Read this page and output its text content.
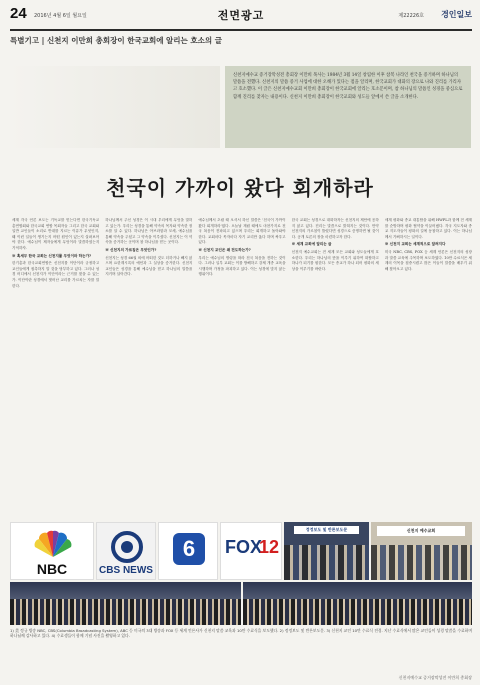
24 2016년 4월 6일 월요일	전면광고	제22226호 경인일보
특별기고 | 신천지 이만희 총회장이 한국교회에 알리는 호소의 글

신천지예수교 증거장막성전 총회장 이만희 목사는 1984년 3월 14일 창립한 이후 참복 나라인 천국을 증거하며 하나님의 말씀을 전했다. 신천지의 말씀 증거 사업에 대한 오해가 있다는 점을 알리며, 한국교회가 대화의 장으로 나와 진리를 가리자고 호소했다. 이 글은 신천지예수교회 이만희 총회장이 한국교회에 알리는 호소문이며, 참 하나님의 말씀인 성경을 중심으로 함께 진리를 찾자는 내용이다. 신천지 이만희 총회장이 한국교회와 성도들 앞에서 쓴 글을 소개한다.

천국이 가까이 왔다 회개하라
세계 각국 언론 보도는 기독교를 믿는다면 한국기독교 총연합회와 한국교회 연합 목회자들 그리고 한국 교회와 일반 교인들이 소리로 반대를 지르는 이유가 무엇인지, 왜 이런 일들이 생기는지 어떤 원인이 있는지 살펴보아야 한다. 예수님이 제자들에게 무엇이라 말씀하셨는지 기억하자.
※ 혹세무 한국 교회는 신천지를 무엇이라 하는가?
한기총과 한국교회연합은 신천지를 이단이라 규정하고 교인들에게 접촉하지 말 것을 당부하고 있다. 그러나 성경 어디에서 신천지가 이단이라는 근거를 찾을 수 있는가. 이단이란 성경에서 벗어난 교리를 가르치는 자를 말한다.
하나님께서 주신 성경은 이 시대 우리에게 무엇을 말하고 있는가. 우리는 성경을 통해 약속의 목자와 약속한 장소를 알 수 있다. 하나님은 아브라함과 모세, 예수님을 통해 약속을 주셨고 그 약속을 이루셨다. 신천지는 이 약속을 증거하는 곳이며 참 하나님을 믿는 곳이다.
※ 신천지의 가르침은 무엇인가?
신천지는 성경 66권 외에 어떠한 것도 더하거나 빼지 않으며 요한계시록의 예언과 그 실상을 증거한다. 신천지 교인들은 성경을 통해 예수님을 믿고 하나님의 말씀을 지키며 살아간다.
예수님께서 초림 때 오셔서 하신 말씀은 '천국이 가까이 왔다 회개하라'였다. 오늘날 재림 때에도 마찬가지로 천국 복음이 전파되고 있으며 우리는 회개하고 돌아와야 한다. 교회마다 목자마다 자기 교리만 옳다 하며 싸우고 있다.
※ 신천지 교인은 왜 전도하는가?
우리는 예수님의 명령을 따라 천국 복음을 전하는 것이다. 그러나 일부 교회는 이를 방해하고 강제 개종 교육을 시행하며 가정을 파괴하고 있다. 이는 성경에 맞지 않는 행위이다.
한국 교회는 성경으로 대화하자는 신천지의 제안에 응하지 않고 있다. 진리는 말씀으로 밝혀지는 것이다. 만약 신천지의 가르침이 틀렸다면 성경으로 증명하면 될 것이다. 공개 토론의 장을 마련하고자 한다.
※ 세계 교회에 알리는 글
신천지 예수교회는 전 세계 모든 교회와 성도들에게 호소한다. 우리는 하나님의 뜻을 이루기 위하여 화합하고 하나가 되기를 원한다. 모든 종교가 하나 되어 평화의 세상을 이루기를 바란다.
세계 평화와 종교 대통합을 위해 HWPL과 함께 전 세계를 순방하며 평화 협약을 이끌어냈다. 각국 지도자와 종교 지도자들이 평화의 길에 동참하고 있다. 이는 하나님께서 기뻐하시는 일이다.
※ 신천지 교회는 세계적으로 알려지다
미국 NBC, CBS, FOX 등 세계 언론은 신천지의 성장과 말씀 교육에 주목하며 보도하였다. 10만 수료식은 세계의 이목을 집중시켰고 많은 이들이 말씀을 배우기 위해 찾아오고 있다.
NBC	CBS NEWS
6	FOX
12
정정보도 및 반론보도문	신천지 예수교회

1) 美 정규 방송 NBC, CBS(Columbia Broadcasting System), ABC 등 미국의 3대 방송과 FOX 등 세계 언론사가 신천지 말씀 교육과 10만 수료식을 보도했다. 2) 정정보도 및 반론보도문. 3) 신천지 교인 10만 수료식 전경. 지난 수료식에서 많은 교인들이 성경 말씀을 수료하며 하나님께 감사하고 있다. 4) 수료생들이 함께 기념 사진을 촬영하고 있다.

신천지예수교 증거장막성전 이만희 총회장
